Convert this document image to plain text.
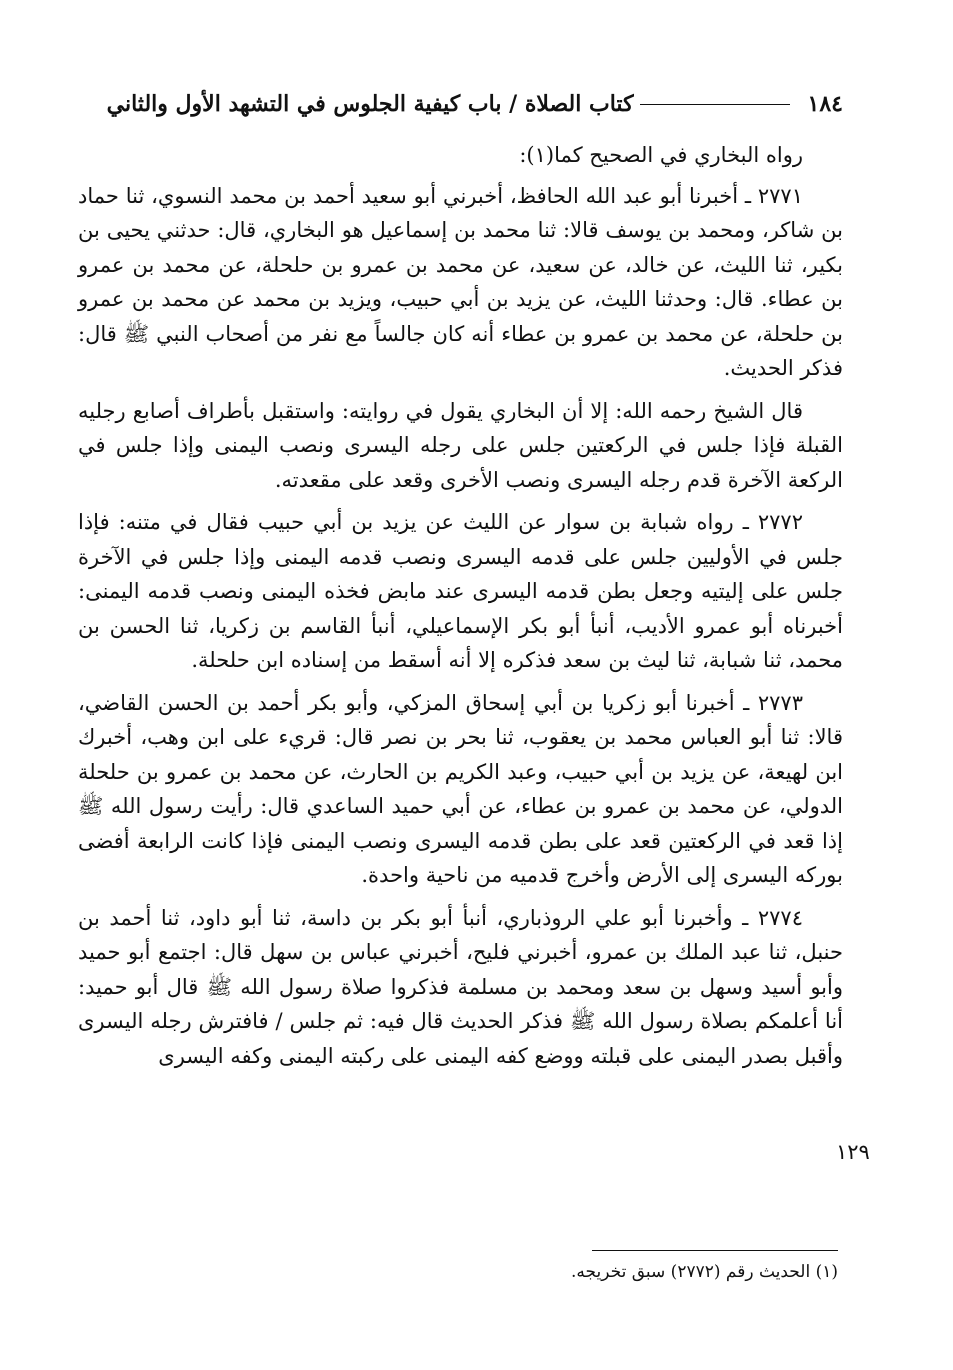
١٨٤
كتاب الصلاة / باب كيفية الجلوس في التشهد الأول والثاني

رواه البخاري في الصحيح كما(١):

٢٧٧١ ـ أخبرنا أبو عبد الله الحافظ، أخبرني أبو سعيد أحمد بن محمد النسوي، ثنا حماد بن شاكر، ومحمد بن يوسف قالا: ثنا محمد بن إسماعيل هو البخاري، قال: حدثني يحيى بن بكير، ثنا الليث، عن خالد، عن سعيد، عن محمد بن عمرو بن حلحلة، عن محمد بن عمرو بن عطاء. قال: وحدثنا الليث، عن يزيد بن أبي حبيب، ويزيد بن محمد عن محمد بن عمرو بن حلحلة، عن محمد بن عمرو بن عطاء أنه كان جالساً مع نفر من أصحاب النبي ﷺ قال: فذكر الحديث.

قال الشيخ رحمه الله: إلا أن البخاري يقول في روايته: واستقبل بأطراف أصابع رجليه القبلة فإذا جلس في الركعتين جلس على رجله اليسرى ونصب اليمنى وإذا جلس في الركعة الآخرة قدم رجله اليسرى ونصب الأخرى وقعد على مقعدته.

٢٧٧٢ ـ رواه شبابة بن سوار عن الليث عن يزيد بن أبي حبيب فقال في متنه: فإذا جلس في الأوليين جلس على قدمه اليسرى ونصب قدمه اليمنى وإذا جلس في الآخرة جلس على إليتيه وجعل بطن قدمه اليسرى عند مابض فخذه اليمنى ونصب قدمه اليمنى: أخبرناه أبو عمرو الأديب، أنبأ أبو بكر الإسماعيلي، أنبأ القاسم بن زكريا، ثنا الحسن بن محمد، ثنا شبابة، ثنا ليث بن سعد فذكره إلا أنه أسقط من إسناده ابن حلحلة.

٢٧٧٣ ـ أخبرنا أبو زكريا بن أبي إسحاق المزكي، وأبو بكر أحمد بن الحسن القاضي، قالا: ثنا أبو العباس محمد بن يعقوب، ثنا بحر بن نصر قال: قريء على ابن وهب، أخبرك ابن لهيعة، عن يزيد بن أبي حبيب، وعبد الكريم بن الحارث، عن محمد بن عمرو بن حلحلة الدولي، عن محمد بن عمرو بن عطاء، عن أبي حميد الساعدي قال: رأيت رسول الله ﷺ إذا قعد في الركعتين قعد على بطن قدمه اليسرى ونصب اليمنى فإذا كانت الرابعة أفضى بوركه اليسرى إلى الأرض وأخرج قدميه من ناحية واحدة.

٢٧٧٤ ـ وأخبرنا أبو علي الروذباري، أنبأ أبو بكر بن داسة، ثنا أبو داود، ثنا أحمد بن حنبل، ثنا عبد الملك بن عمرو، أخبرني فليح، أخبرني عباس بن سهل قال: اجتمع أبو حميد وأبو أسيد وسهل بن سعد ومحمد بن مسلمة فذكروا صلاة رسول الله ﷺ قال أبو حميد: أنا أعلمكم بصلاة رسول الله ﷺ فذكر الحديث قال فيه: ثم جلس / فافترش رجله اليسرى وأقبل بصدر اليمنى على قبلته ووضع كفه اليمنى على ركبته اليمنى وكفه اليسرى

١٢٩
(١) الحديث رقم (٢٧٧٢) سبق تخريجه.
